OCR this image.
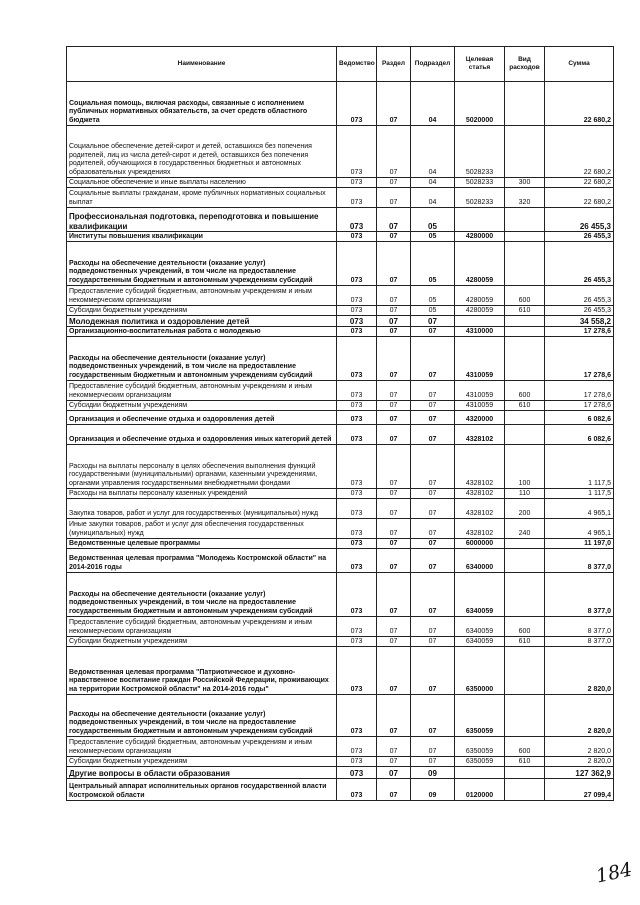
Наименование	Ведомство	Раздел	Подраздел	Целевая статья	Вид расходов	Сумма
Социальная помощь, включая расходы, связанные с исполнением публичных нормативных обязательств, за счет средств областного бюджета	073	07	04	5020000		22 680,2
Социальное обеспечение детей-сирот и детей, оставшихся без попечения родителей, лиц из числа детей-сирот и детей, оставшихся без попечения родителей, обучающихся в государственных бюджетных и автономных образовательных учреждениях	073	07	04	5028233		22 680,2
Социальное обеспечение и иные выплаты населению	073	07	04	5028233	300	22 680,2
Социальные выплаты гражданам, кроме публичных нормативных социальных выплат	073	07	04	5028233	320	22 680,2
Профессиональная подготовка, переподготовка и повышение квалификации	073	07	05			26 455,3
Институты повышения квалификации	073	07	05	4280000		26 455,3
Расходы на обеспечение деятельности (оказание услуг) подведомственных учреждений, в том числе на предоставление государственным бюджетным и автономным учреждениям субсидий	073	07	05	4280059		26 455,3
Предоставление субсидий бюджетным, автономным учреждениям и иным некоммерческим организациям	073	07	05	4280059	600	26 455,3
Субсидии бюджетным учреждениям	073	07	05	4280059	610	26 455,3
Молодежная политика и оздоровление детей	073	07	07			34 558,2
Организационно-воспитательная работа с молодежью	073	07	07	4310000		17 278,6
Расходы на обеспечение деятельности (оказание услуг) подведомственных учреждений, в том числе на предоставление государственным бюджетным и автономным учреждениям субсидий	073	07	07	4310059		17 278,6
Предоставление субсидий бюджетным, автономным учреждениям и иным некоммерческим организациям	073	07	07	4310059	600	17 278,6
Субсидии бюджетным учреждениям	073	07	07	4310059	610	17 278,6
Организация и обеспечение отдыха и оздоровления детей	073	07	07	4320000		6 082,6
Организация и обеспечение отдыха и оздоровления иных категорий детей	073	07	07	4328102		6 082,6
Расходы на выплаты персоналу в целях обеспечения выполнения функций государственными (муниципальными) органами, казенными учреждениями, органами управления государственными внебюджетными фондами	073	07	07	4328102	100	1 117,5
Расходы на выплаты персоналу казенных учреждений	073	07	07	4328102	110	1 117,5
Закупка товаров, работ и услуг для государственных (муниципальных) нужд	073	07	07	4328102	200	4 965,1
Иные закупки товаров, работ и услуг для обеспечения государственных (муниципальных) нужд	073	07	07	4328102	240	4 965,1
Ведомственные целевые программы	073	07	07	6000000		11 197,0
Ведомственная целевая программа "Молодежь Костромской области" на 2014-2016 годы	073	07	07	6340000		8 377,0
Расходы на обеспечение деятельности (оказание услуг) подведомственных учреждений, в том числе на предоставление государственным бюджетным и автономным учреждениям субсидий	073	07	07	6340059		8 377,0
Предоставление субсидий бюджетным, автономным учреждениям и иным некоммерческим организациям	073	07	07	6340059	600	8 377,0
Субсидии бюджетным учреждениям	073	07	07	6340059	610	8 377,0
Ведомственная целевая программа "Патриотическое и духовно-нравственное воспитание граждан Российской Федерации, проживающих на территории Костромской области" на 2014-2016 годы"	073	07	07	6350000		2 820,0
Расходы на обеспечение деятельности (оказание услуг) подведомственных учреждений, в том числе на предоставление государственным бюджетным и автономным учреждениям субсидий	073	07	07	6350059		2 820,0
Предоставление субсидий бюджетным, автономным учреждениям и иным некоммерческим организациям	073	07	07	6350059	600	2 820,0
Субсидии бюджетным учреждениям	073	07	07	6350059	610	2 820,0
Другие вопросы в области образования	073	07	09			127 362,9
Центральный аппарат исполнительных органов государственной власти Костромской области	073	07	09	0120000		27 099,4
184
